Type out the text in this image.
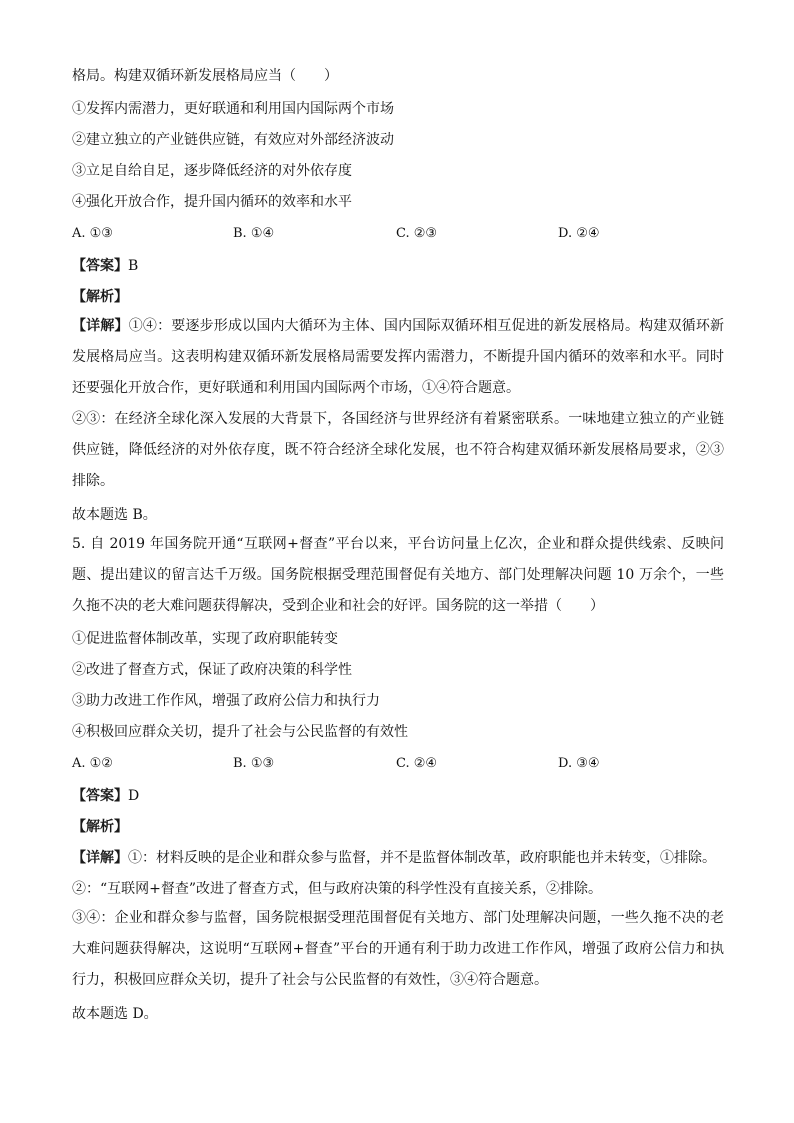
格局。构建双循环新发展格局应当（　　）
①发挥内需潜力，更好联通和利用国内国际两个市场
②建立独立的产业链供应链，有效应对外部经济波动
③立足自给自足，逐步降低经济的对外依存度
④强化开放合作，提升国内循环的效率和水平
A. ①③	B. ①④	C. ②③	D. ②④
【答案】B
【解析】
【详解】①④：要逐步形成以国内大循环为主体、国内国际双循环相互促进的新发展格局。构建双循环新发展格局应当。这表明构建双循环新发展格局需要发挥内需潜力，不断提升国内循环的效率和水平。同时还要强化开放合作，更好联通和利用国内国际两个市场，①④符合题意。
②③：在经济全球化深入发展的大背景下，各国经济与世界经济有着紧密联系。一味地建立独立的产业链供应链，降低经济的对外依存度，既不符合经济全球化发展，也不符合构建双循环新发展格局要求，②③排除。
故本题选 B。
5. 自 2019 年国务院开通“互联网+督查”平台以来，平台访问量上亿次，企业和群众提供线索、反映问题、提出建议的留言达千万级。国务院根据受理范围督促有关地方、部门处理解决问题 10 万余个，一些久拖不决的老大难问题获得解决，受到企业和社会的好评。国务院的这一举措（　　）
①促进监督体制改革，实现了政府职能转变
②改进了督查方式，保证了政府决策的科学性
③助力改进工作作风，增强了政府公信力和执行力
④积极回应群众关切，提升了社会与公民监督的有效性
A. ①②	B. ①③	C. ②④	D. ③④
【答案】D
【解析】
【详解】①：材料反映的是企业和群众参与监督，并不是监督体制改革，政府职能也并未转变，①排除。
②：“互联网+督查”改进了督查方式，但与政府决策的科学性没有直接关系，②排除。
③④：企业和群众参与监督，国务院根据受理范围督促有关地方、部门处理解决问题，一些久拖不决的老大难问题获得解决，这说明“互联网+督查”平台的开通有利于助力改进工作作风，增强了政府公信力和执行力，积极回应群众关切，提升了社会与公民监督的有效性，③④符合题意。
故本题选 D。
